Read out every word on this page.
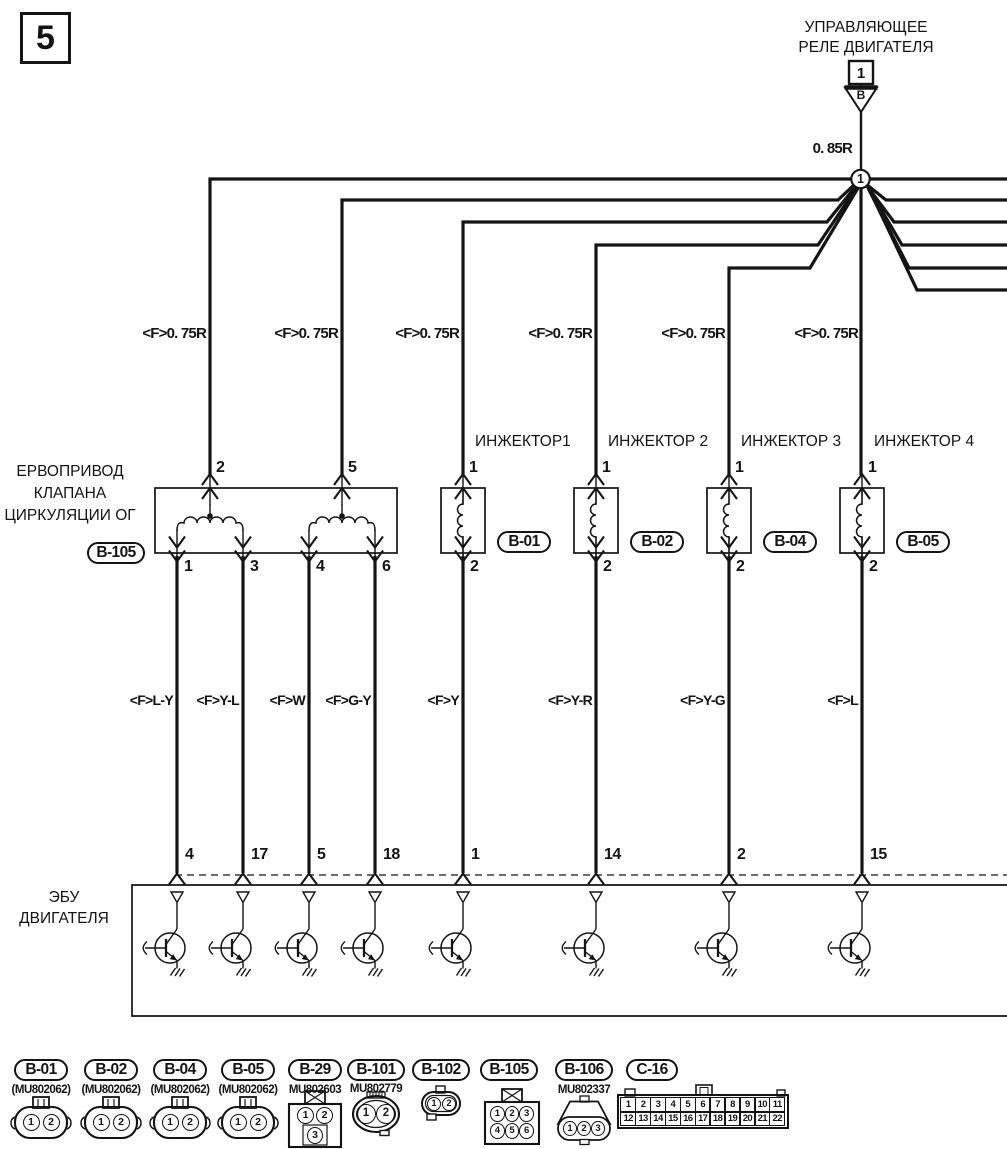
5	УПРАВЛЯЮЩЕЕ
РЕЛЕ ДВИГАТЕЛЯ
1
B
0. 85R
1
<F>0. 75R	<F>0. 75R	<F>0. 75R	<F>0. 75R	<F>0. 75R	<F>0. 75R
ИНЖЕКТОР1 ИНЖЕКТОР 2 ИНЖЕКТОР 3 ИНЖЕКТОР 4
ЕРВОПРИВОД
КЛАПАНА
ЦИРКУЛЯЦИИ ОГ
2	5	1	1	1	1
B-105
B-01	B-02	B-04	B-05
1	3	4	6	2	2	2	2
<F>L-Y	<F>Y-L	<F>W	<F>G-Y	<F>Y	<F>Y-R	<F>Y-G	<F>L
4	17	5	18	1	14	2	15
ЭБУ
ДВИГАТЕЛЯ
B-01	B-02	B-04	B-05	B-29	B-101	B-102	B-105	B-106	C-16
(MU802062) (MU802062) (MU802062) (MU802062) MU802603 MU802779	MU802337
1	2	1	2	1	2	1	2
1	2
3
1	2
1	2
1 2 3
4 5 6	1 2 3
1	2	3	4	5	6	7	8	9 10 11
12 13 14 15 16 17 18 19 20 21 22
